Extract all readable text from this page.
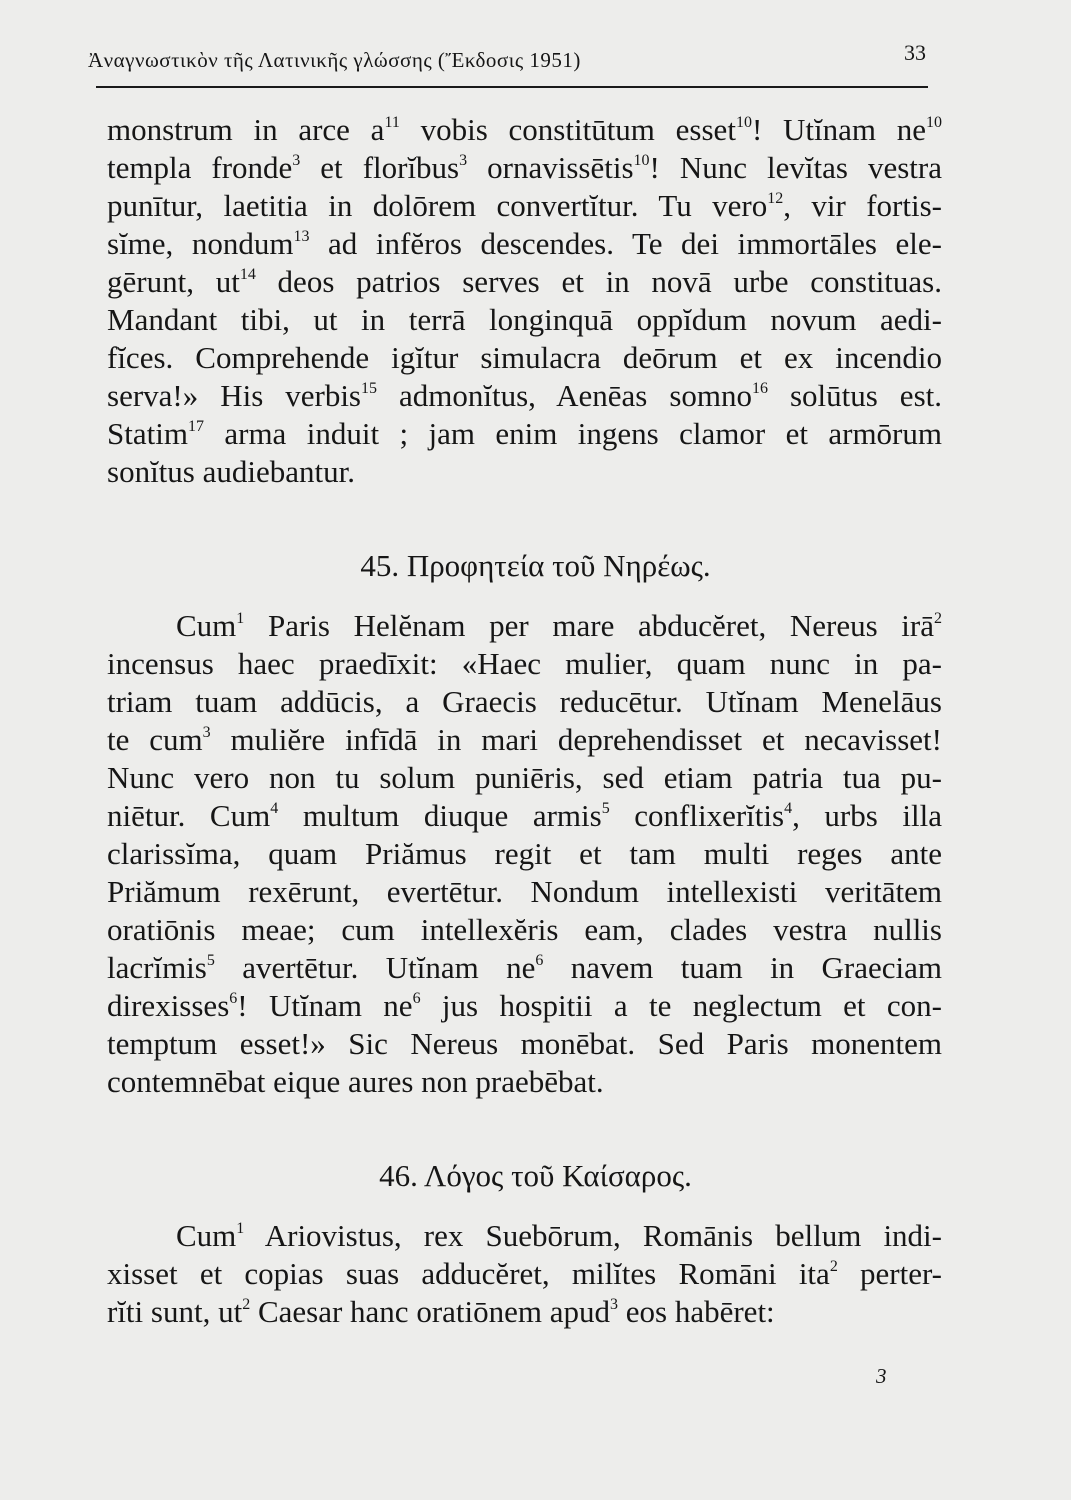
Ἀναγνωστικὸν τῆς Λατινικῆς γλώσσης (Ἔκδοσις 1951)	33
monstrum in arce $a^{11}$ vobis constitūtum esset$^{10}$! Utĭnam $ne^{10}$
templa fronde$^3$ et florĭbus$^3$ ornavissētis$^{10}$! Nunc levĭtas vestra
punītur, laetitia in dolōrem convertĭtur. Tu vero$^{12}$, vir fortis-
sĭme, nondum$^{13}$ ad infĕros descendes. Te dei immortāles ele-
gērunt, $ut^{14}$ deos patrios serves et in novā urbe constituas.
Mandant tibi, ut in terrā longinquā oppĭdum novum aedi-
fĭces. Comprehende igĭtur simulacra deōrum et ex incendio
serva!» His verbis$^{15}$ admonĭtus, Aenēas somno$^{16}$ solūtus est.
Statim$^{17}$ arma induit ; jam enim ingens clamor et armōrum
sonĭtus audiebantur.
45. Προφητεία τοῦ Νηρέως.
Cum$^1$ Paris Helĕnam per mare abducĕret, Nereus irā$^2$
incensus haec praedīxit: «Haec mulier, quam nunc in pa-
triam tuam addūcis, a Graecis reducētur. Utĭnam Menelāus
te cum$^3$ muliĕre infīdā in mari deprehendisset et necavisset!
Nunc vero non tu solum puniēris, sed etiam patria tua pu-
niētur. Cum$^4$ multum diuque armis$^5$ conflixerĭtis$^4$, urbs illa
clarissĭma, quam Priămus regit et tam multi reges ante
Priămum rexērunt, evertētur. Nondum intellexisti veritātem
oratiōnis meae; cum intellexĕris eam, clades vestra nullis
lacrĭmis$^5$ avertētur. Utĭnam $ne^6$ navem tuam in Graeciam
direxisses$^6$! Utĭnam $ne^6$ jus hospitii a te neglectum et con-
temptum esset!» Sic Nereus monēbat. Sed Paris monentem
contemnēbat eique aures non praebēbat.
46. Λόγος τοῦ Καίσαρος.
Cum$^1$ Ariovistus, rex Suebōrum, Romānis bellum indi-
xisset et copias suas adducĕret, milĭtes Romāni ita$^2$ perter-
rĭti sunt, $ut^2$ Caesar hanc oratiōnem apud$^3$ eos habēret:
3
